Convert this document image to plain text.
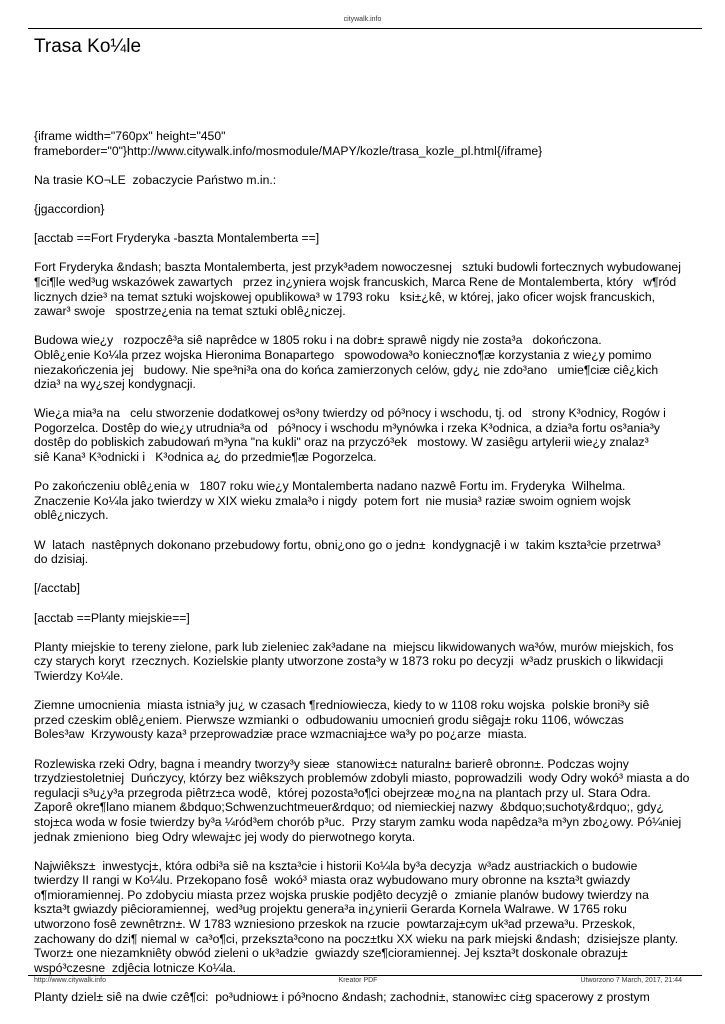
citywalk.info
Trasa Ko¼le

{iframe width="760px" height="450"
frameborder="0"}http://www.citywalk.info/mosmodule/MAPY/kozle/trasa_kozle_pl.html{/iframe}

Na trasie KO¬LE  zobaczycie Państwo m.in.:

{jgaccordion}

[acctab ==Fort Fryderyka -baszta Montalemberta ==]

Fort Fryderyka &ndash; baszta Montalemberta, jest przyk³adem nowoczesnej   sztuki budowli fortecznych wybudowanej
¶ci¶le wed³ug wskazówek zawartych   przez in¿yniera wojsk francuskich, Marca Rene de Montalemberta, który   w¶ród
licznych dzie³ na temat sztuki wojskowej opublikowa³ w 1793 roku   ksi±¿kê, w której, jako oficer wojsk francuskich,
zawar³ swoje   spostrze¿enia na temat sztuki oblê¿niczej.

Budowa wie¿y   rozpoczê³a siê naprêdce w 1805 roku i na dobr± sprawê nigdy nie zosta³a   dokończona.
Oblê¿enie Ko¼la przez wojska Hieronima Bonapartego   spowodowa³o konieczno¶æ korzystania z wie¿y pomimo
niezakończenia jej   budowy. Nie spe³ni³a ona do końca zamierzonych celów, gdy¿ nie zdo³ano   umie¶ciæ ciê¿kich
dzia³ na wy¿szej kondygnacji.

Wie¿a mia³a na   celu stworzenie dodatkowej os³ony twierdzy od pó³nocy i wschodu, tj. od   strony K³odnicy, Rogów i
Pogorzelca. Dostêp do wie¿y utrudnia³a od   pó³nocy i wschodu m³ynówka i rzeka K³odnica, a dzia³a fortu os³ania³y
dostêp do pobliskich zabudowań m³yna "na kukli" oraz na przyczó³ek   mostowy. W zasiêgu artylerii wie¿y znalaz³
siê Kana³ K³odnicki i   K³odnica a¿ do przedmie¶æ Pogorzelca.

Po zakończeniu oblê¿enia w   1807 roku wie¿y Montalemberta nadano nazwê Fortu im. Fryderyka  Wilhelma.
Znaczenie Ko¼la jako twierdzy w XIX wieku zmala³o i nigdy  potem fort  nie musia³ raziæ swoim ogniem wojsk
oblê¿niczych.

W  latach  nastêpnych dokonano przebudowy fortu, obni¿ono go o jedn±  kondygnacjê i w  takim kszta³cie przetrwa³
do dzisiaj.

[/acctab]

[acctab ==Planty miejskie==]

Planty miejskie to tereny zielone, park lub zieleniec zak³adane na  miejscu likwidowanych wa³ów, murów miejskich, fos
czy starych koryt  rzecznych. Kozielskie planty utworzone zosta³y w 1873 roku po decyzji  w³adz pruskich o likwidacji
Twierdzy Ko¼le.

Ziemne umocnienia  miasta istnia³y ju¿ w czasach ¶redniowiecza, kiedy to w 1108 roku wojska  polskie broni³y siê
przed czeskim oblê¿eniem. Pierwsze wzmianki o  odbudowaniu umocnień grodu siêgaj± roku 1106, wówczas
Boles³aw  Krzywousty kaza³ przeprowadziæ prace wzmacniaj±ce wa³y po po¿arze  miasta.

Rozlewiska rzeki Odry, bagna i meandry tworzy³y sieæ  stanowi±c± naturaln± barierê obronn±. Podczas wojny
trzydziestoletniej  Duńczycy, którzy bez wiêkszych problemów zdobyli miasto, poprowadzili  wody Odry wokó³ miasta a do
regulacji s³u¿y³a przegroda piêtrz±ca wodê,  której pozosta³o¶ci obejrzeæ mo¿na na plantach przy ul. Stara Odra.
Zaporê okre¶lano mianem &bdquo;Schwenzuchtmeuer&rdquo; od niemieckiej nazwy  &bdquo;suchoty&rdquo;, gdy¿
stoj±ca woda w fosie twierdzy by³a ¼ród³em chorób p³uc.  Przy starym zamku woda napêdza³a m³yn zbo¿owy. Pó¼niej
jednak zmieniono  bieg Odry wlewaj±c jej wody do pierwotnego koryta.

Najwiêksz±  inwestycj±, która odbi³a siê na kszta³cie i historii Ko¼la by³a decyzja  w³adz austriackich o budowie
twierdzy II rangi w Ko¼lu. Przekopano fosê  wokó³ miasta oraz wybudowano mury obronne na kszta³t gwiazdy
o¶mioramiennej. Po zdobyciu miasta przez wojska pruskie podjêto decyzjê o  zmianie planów budowy twierdzy na
kszta³t gwiazdy piêcioramiennej,  wed³ug projektu genera³a in¿ynierii Gerarda Kornela Walrawe. W 1765 roku
utworzono fosê zewnêtrzn±. W 1783 wzniesiono przeskok na rzucie  powtarzaj±cym uk³ad przewa³u. Przeskok,
zachowany do dzi¶ niemal w  ca³o¶ci, przekszta³cono na pocz±tku XX wieku na park miejski &ndash;  dzisiejsze planty.
Tworz± one niezamkniêty obwód zieleni o uk³adzie  gwiazdy sze¶cioramiennej. Jej kszta³t doskonale obrazuj±
wspó³czesne  zdjêcia lotnicze Ko¼la.

Planty dziel± siê na dwie czê¶ci:  po³udniow± i pó³nocno &ndash; zachodni±, stanowi±c ci±g spacerowy z prostym

http://www.citywalk.info	Kreator PDF	Utworzono 7 March, 2017, 21:44
